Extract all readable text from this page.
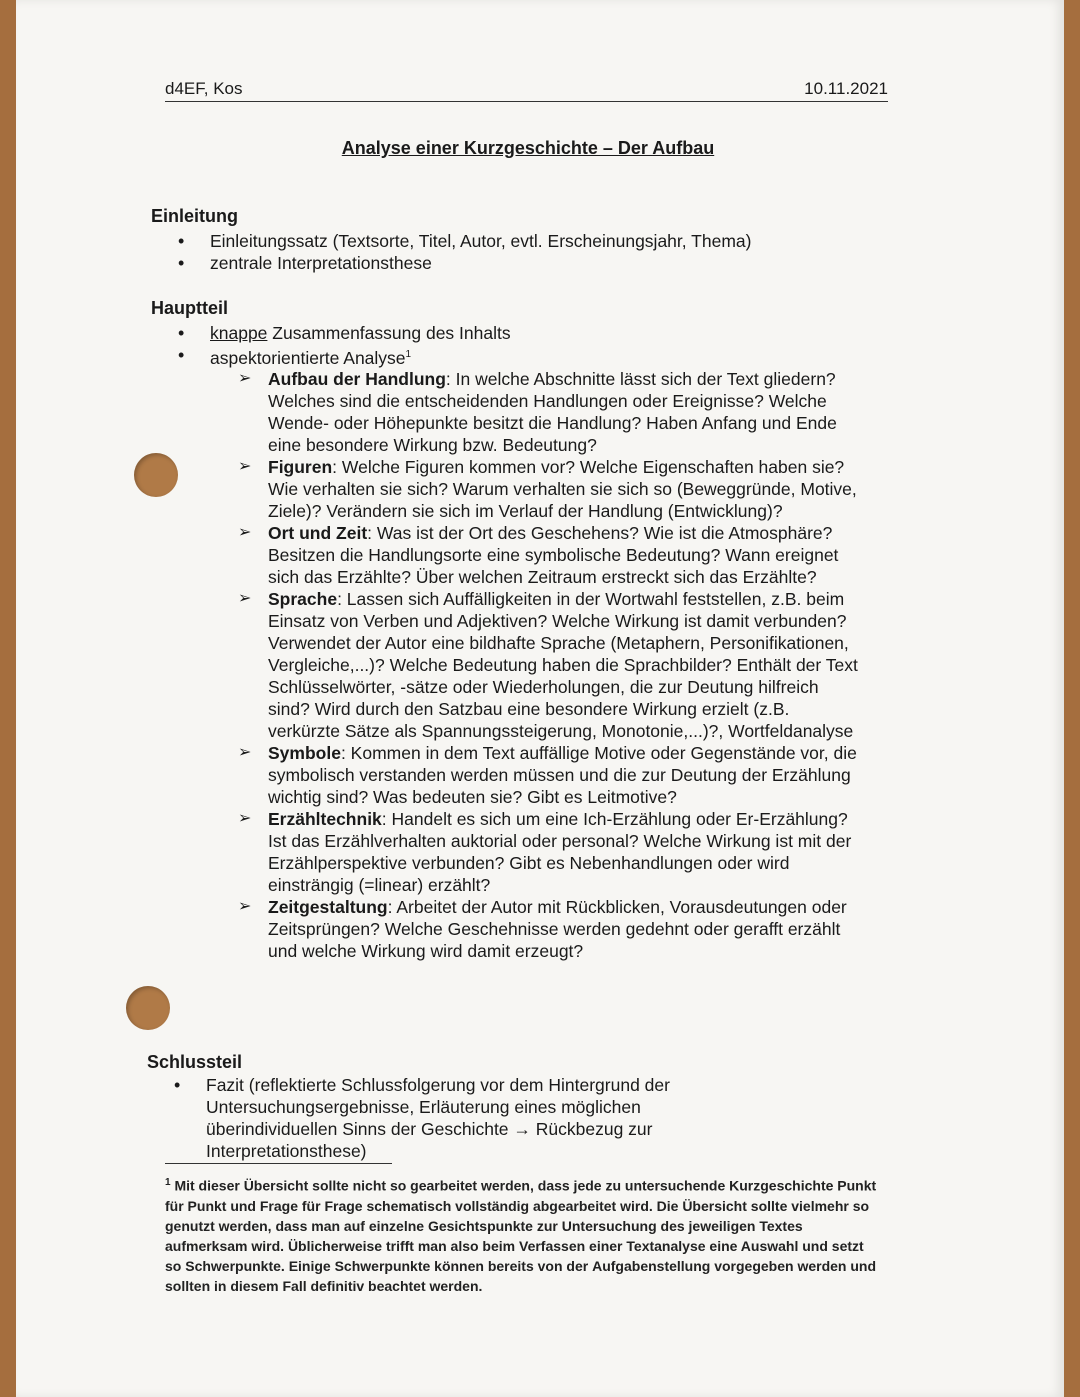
d4EF, Kos	10.11.2021
Analyse einer Kurzgeschichte – Der Aufbau
Einleitung
• Einleitungssatz (Textsorte, Titel, Autor, evtl. Erscheinungsjahr, Thema)
• zentrale Interpretationsthese
Hauptteil
• knappe Zusammenfassung des Inhalts
• aspektorientierte Analyse$^1$
➢ Aufbau der Handlung: In welche Abschnitte lässt sich der Text gliedern? Welches sind die entscheidenden Handlungen oder Ereignisse? Welche Wende- oder Höhepunkte besitzt die Handlung? Haben Anfang und Ende eine besondere Wirkung bzw. Bedeutung?
➢ Figuren: Welche Figuren kommen vor? Welche Eigenschaften haben sie? Wie verhalten sie sich? Warum verhalten sie sich so (Beweggründe, Motive, Ziele)? Verändern sie sich im Verlauf der Handlung (Entwicklung)?
➢ Ort und Zeit: Was ist der Ort des Geschehens? Wie ist die Atmosphäre? Besitzen die Handlungsorte eine symbolische Bedeutung? Wann ereignet sich das Erzählte? Über welchen Zeitraum erstreckt sich das Erzählte?
➢ Sprache: Lassen sich Auffälligkeiten in der Wortwahl feststellen, z.B. beim Einsatz von Verben und Adjektiven? Welche Wirkung ist damit verbunden? Verwendet der Autor eine bildhafte Sprache (Metaphern, Personifikationen, Vergleiche,...)? Welche Bedeutung haben die Sprachbilder? Enthält der Text Schlüsselwörter, -sätze oder Wiederholungen, die zur Deutung hilfreich sind? Wird durch den Satzbau eine besondere Wirkung erzielt (z.B. verkürzte Sätze als Spannungssteigerung, Monotonie,...)?, Wortfeldanalyse
➢ Symbole: Kommen in dem Text auffällige Motive oder Gegenstände vor, die symbolisch verstanden werden müssen und die zur Deutung der Erzählung wichtig sind? Was bedeuten sie? Gibt es Leitmotive?
➢ Erzähltechnik: Handelt es sich um eine Ich-Erzählung oder Er-Erzählung? Ist das Erzählverhalten auktorial oder personal? Welche Wirkung ist mit der Erzählperspektive verbunden? Gibt es Nebenhandlungen oder wird einsträngig (=linear) erzählt?
➢ Zeitgestaltung: Arbeitet der Autor mit Rückblicken, Vorausdeutungen oder Zeitsprüngen? Welche Geschehnisse werden gedehnt oder gerafft erzählt und welche Wirkung wird damit erzeugt?
Schlussteil
• Fazit (reflektierte Schlussfolgerung vor dem Hintergrund der Untersuchungsergebnisse, Erläuterung eines möglichen überindividuellen Sinns der Geschichte → Rückbezug zur Interpretationsthese)
$^1$ Mit dieser Übersicht sollte nicht so gearbeitet werden, dass jede zu untersuchende Kurzgeschichte Punkt für Punkt und Frage für Frage schematisch vollständig abgearbeitet wird. Die Übersicht sollte vielmehr so genutzt werden, dass man auf einzelne Gesichtspunkte zur Untersuchung des jeweiligen Textes aufmerksam wird. Üblicherweise trifft man also beim Verfassen einer Textanalyse eine Auswahl und setzt so Schwerpunkte. Einige Schwerpunkte können bereits von der Aufgabenstellung vorgegeben werden und sollten in diesem Fall definitiv beachtet werden.
